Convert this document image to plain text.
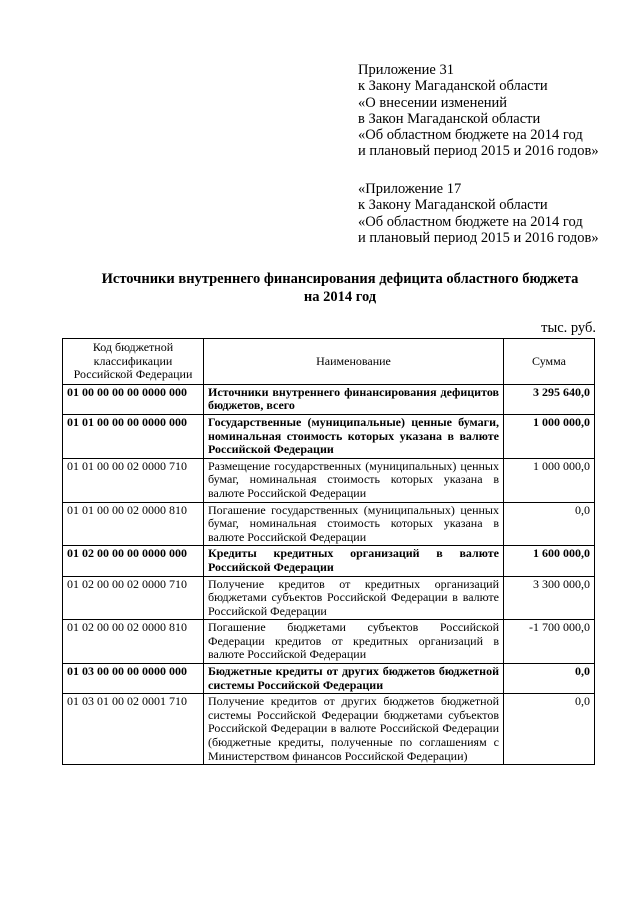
Приложение 31
к Закону Магаданской области
«О внесении изменений
в Закон Магаданской области
«Об областном бюджете на 2014 год
и плановый период 2015 и 2016 годов»
«Приложение 17
к Закону Магаданской области
«Об областном бюджете на 2014 год
и плановый период 2015 и 2016 годов»
Источники внутреннего финансирования дефицита областного бюджета
на 2014 год
тыс. руб.
Код бюджетной классификации Российской Федерации	Наименование	Сумма
01 00 00 00 00 0000 000	Источники внутреннего финансирования дефицитов бюджетов, всего	3 295 640,0
01 01 00 00 00 0000 000	Государственные (муниципальные) ценные бумаги, номинальная стоимость которых указана в валюте Российской Федерации	1 000 000,0
01 01 00 00 02 0000 710	Размещение государственных (муниципальных) ценных бумаг, номинальная стоимость которых указана в валюте Российской Федерации	1 000 000,0
01 01 00 00 02 0000 810	Погашение государственных (муниципальных) ценных бумаг, номинальная стоимость которых указана в валюте Российской Федерации	0,0
01 02 00 00 00 0000 000	Кредиты кредитных организаций в валюте Российской Федерации	1 600 000,0
01 02 00 00 02 0000 710	Получение кредитов от кредитных организаций бюджетами субъектов Российской Федерации в валюте Российской Федерации	3 300 000,0
01 02 00 00 02 0000 810	Погашение бюджетами субъектов Российской Федерации кредитов от кредитных организаций в валюте Российской Федерации	-1 700 000,0
01 03 00 00 00 0000 000	Бюджетные кредиты от других бюджетов бюджетной системы Российской Федерации	0,0
01 03 01 00 02 0001 710	Получение кредитов от других бюджетов бюджетной системы Российской Федерации бюджетами субъектов Российской Федерации в валюте Российской Федерации (бюджетные кредиты, полученные по соглашениям с Министерством финансов Российской Федерации)	0,0
